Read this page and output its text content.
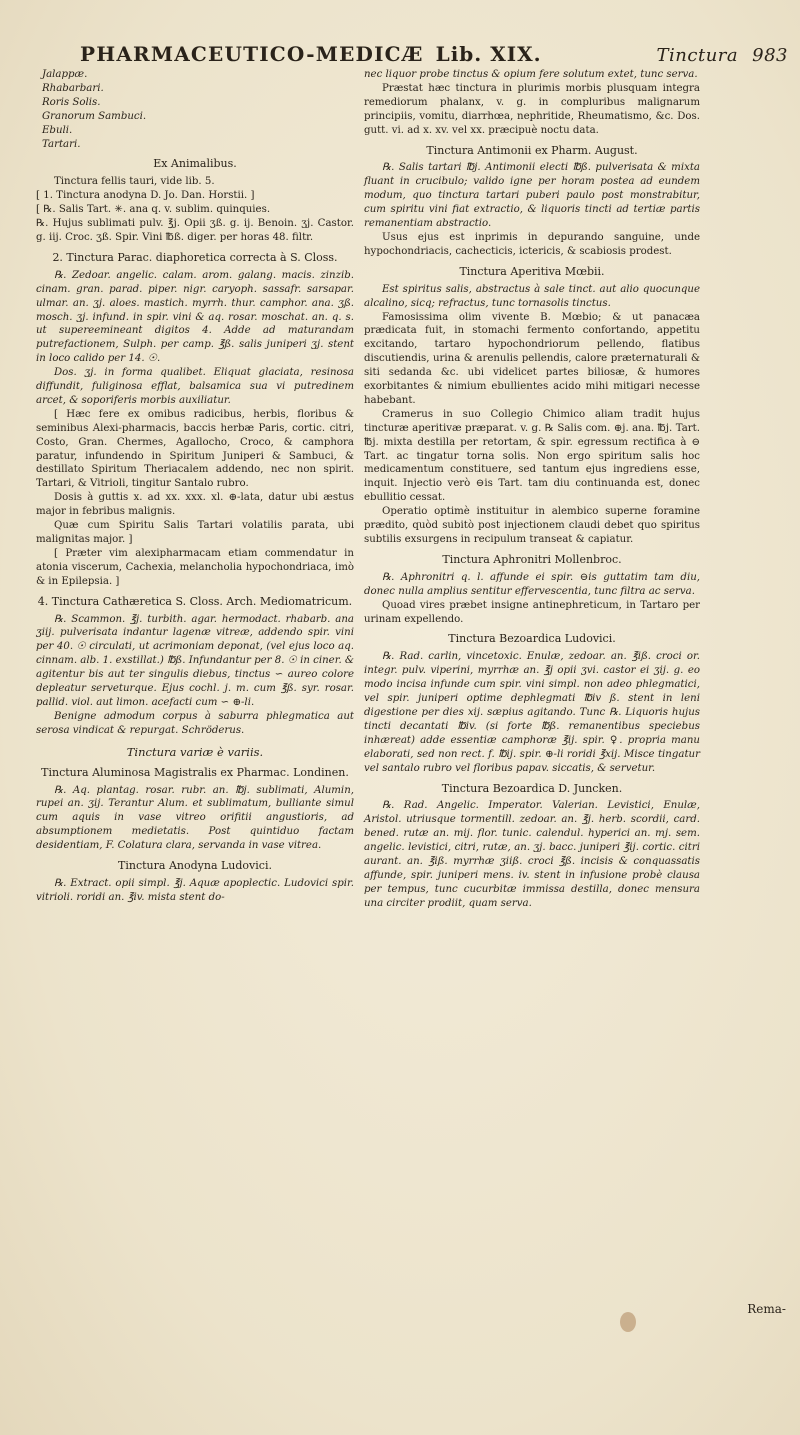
PHARMACEUTICO-MEDICÆ Lib. XIX.	Tinctura 983

Jalappæ.

Rhabarbari.

Roris Solis.

Granorum Sambuci.

Ebuli.

Tartari.

Ex Animalibus.

Tinctura fellis tauri, vide lib. 5.

[ 1. Tinctura anodyna D. Jo. Dan. Horstii. ]

[ ℞. Salis Tart. ✳. ana q. v. sublim. quinquies.

℞. Hujus sublimati pulv. ℥j. Opii ʒß. g. ij. Benoin. ʒj. Castor. g. iij. Croc. ʒß. Spir. Vini ℔ß. diger. per horas 48. filtr.

2. Tinctura Parac. diaphoretica correcta à S. Closs.

℞. Zedoar. angelic. calam. arom. galang. macis. zinzib. cinam. gran. parad. piper. nigr. caryoph. sassafr. sarsapar. ulmar. an. ʒj. aloes. mastich. myrrh. thur. camphor. ana. ʒß. mosch. ʒj. infund. in spir. vini & aq. rosar. moschat. an. q. s. ut supereemineant digitos 4. Adde ad maturandam putrefactionem, Sulph. per camp. ℥ß. salis juniperi ʒj. stent in loco calido per 14. ☉.

Dos. ʒj. in forma qualibet. Eliquat glaciata, resinosa diffundit, fuliginosa efflat, balsamica sua vi putredinem arcet, & soporiferis morbis auxiliatur.

[ Hæc fere ex omibus radicibus, herbis, floribus & seminibus Alexi-pharmacis, baccis herbæ Paris, cortic. citri, Costo, Gran. Chermes, Agallocho, Croco, & camphora paratur, infundendo in Spiritum Juniperi & Sambuci, & destillato Spiritum Theriacalem addendo, nec non spirit. Tartari, & Vitrioli, tingitur Santalo rubro.

Dosis à guttis x. ad xx. xxx. xl. ⊕-lata, datur ubi æstus major in febribus malignis.

Quæ cum Spiritu Salis Tartari volatilis parata, ubi malignitas major. ]

[ Præter vim alexipharmacam etiam commendatur in atonia viscerum, Cachexia, melancholia hypochondriaca, imò & in Epilepsia. ]

4. Tinctura Cathæretica S. Closs. Arch. Mediomatricum.

℞. Scammon. ℥j. turbith. agar. hermodact. rhabarb. ana ʒiij. pulverisata indantur lagenæ vitreæ, addendo spir. vini per 40. ☉ circulati, ut acrimoniam deponat, (vel ejus loco aq. cinnam. alb. 1. exstillat.) ℔ß. Infundantur per 8. ☉ in ciner. & agitentur bis aut ter singulis diebus, tinctus ∽ aureo colore depleatur serveturque. Ejus cochl. j. m. cum ℥ß. syr. rosar. pallid. viol. aut limon. acefacti cum ∽ ⊕-li.

Benigne admodum corpus à saburra phlegmatica aut serosa vindicat & repurgat. Schröderus.

Tinctura variæ è variis.

Tinctura Aluminosa Magistralis ex Pharmac. Londinen.

℞. Aq. plantag. rosar. rubr. an. ℔j. sublimati, Alumin, rupei an. ʒij. Terantur Alum. et sublimatum, bulliante simul cum aquis in vase vitreo orifitii angustioris, ad absumptionem medietatis. Post quintiduo factam desidentiam, F. Colatura clara, servanda in vase vitrea.

Tinctura Anodyna Ludovici.

℞. Extract. opii simpl. ℥j. Aquæ apoplectic. Ludovici spir. vitrioli. roridi an. ℥iv. mista stent do-

nec liquor probe tinctus & opium fere solutum extet, tunc serva.

Præstat hæc tinctura in plurimis morbis plusquam integra remediorum phalanx, v. g. in compluribus malignarum principiis, vomitu, diarrhœa, nephritide, Rheumatismo, &c. Dos. gutt. vi. ad x. xv. vel xx. præcipuè noctu data.

Tinctura Antimonii ex Pharm. August.

℞. Salis tartari ℔j. Antimonii electi ℔ß. pulverisata & mixta fluant in crucibulo; valido igne per horam postea ad eundem modum, quo tinctura tartari puberi paulo post monstrabitur, cum spiritu vini fiat extractio, & liquoris tincti ad tertiæ partis remanentiam abstractio.

Usus ejus est inprimis in depurando sanguine, unde hypochondriacis, cachecticis, ictericis, & scabiosis prodest.

Tinctura Aperitiva Mœbii.

Est spiritus salis, abstractus à sale tinct. aut alio quocunque alcalino, sicq; refractus, tunc tornasolis tinctus.

Famosissima olim vivente B. Mœbio; & ut panacæa prædicata fuit, in stomachi fermento confortando, appetitu excitando, tartaro hypochondriorum pellendo, flatibus discutiendis, urina & arenulis pellendis, calore præternaturali & siti sedanda &c. ubi videlicet partes biliosæ, & humores exorbitantes & nimium ebullientes acido mihi mitigari necesse habebant.

Cramerus in suo Collegio Chimico aliam tradit hujus tincturæ aperitivæ præparat. v. g. ℞ Salis com. ⊕j. ana. ℔j. Tart. ℔j. mixta destilla per retortam, & spir. egressum rectifica à ⊖ Tart. ac tingatur torna solis. Non ergo spiritum salis hoc medicamentum constituere, sed tantum ejus ingrediens esse, inquit. Injectio verò ⊖is Tart. tam diu continuanda est, donec ebullitio cessat.

Operatio optimè instituitur in alembico superne foramine prædito, quòd subitò post injectionem claudi debet quo spiritus subtilis exsurgens in recipulum transeat & capiatur.

Tinctura Aphronitri Mollenbroc.

℞. Aphronitri q. l. affunde ei spir. ⊖is guttatim tam diu, donec nulla amplius sentitur effervescentia, tunc filtra ac serva.

Quoad vires præbet insigne antinephreticum, in Tartaro per urinam expellendo.

Tinctura Bezoardica Ludovici.

℞. Rad. carlin, vincetoxic. Enulæ, zedoar. an. ℥iß. croci or. integr. pulv. viperini, myrrhæ an. ℥j opii ʒvi. castor ei ʒij. g. eo modo incisa infunde cum spir. vini simpl. non adeo phlegmatici, vel spir. juniperi optime dephlegmati ℔iv ß. stent in leni digestione per dies xij. sæpius agitando. Tunc ℞. Liquoris hujus tincti decantati ℔iv. (si forte ℔ß. remanentibus speciebus inhæreat) adde essentiæ camphoræ ℥ij. spir. ♀. propria manu elaborati, sed non rect. f. ℔ij. spir. ⊕-li roridi ℥xij. Misce tingatur vel santalo rubro vel floribus papav. siccatis, & servetur.

Tinctura Bezoardica D. Juncken.

℞. Rad. Angelic. Imperator. Valerian. Levistici, Enulæ, Aristol. utriusque tormentill. zedoar. an. ℥j. herb. scordii, card. bened. rutæ an. mij. flor. tunic. calendul. hyperici an. mj. sem. angelic. levistici, citri, rutæ, an. ʒj. bacc. juniperi ℥ij. cortic. citri aurant. an. ℥iß. myrrhæ ʒiiß. croci ℥ß. incisis & conquassatis affunde, spir. juniperi mens. iv. stent in infusione probè clausa per tempus, tunc cucurbitæ immissa destilla, donec mensura una circiter prodiit, quam serva.

Rema-
